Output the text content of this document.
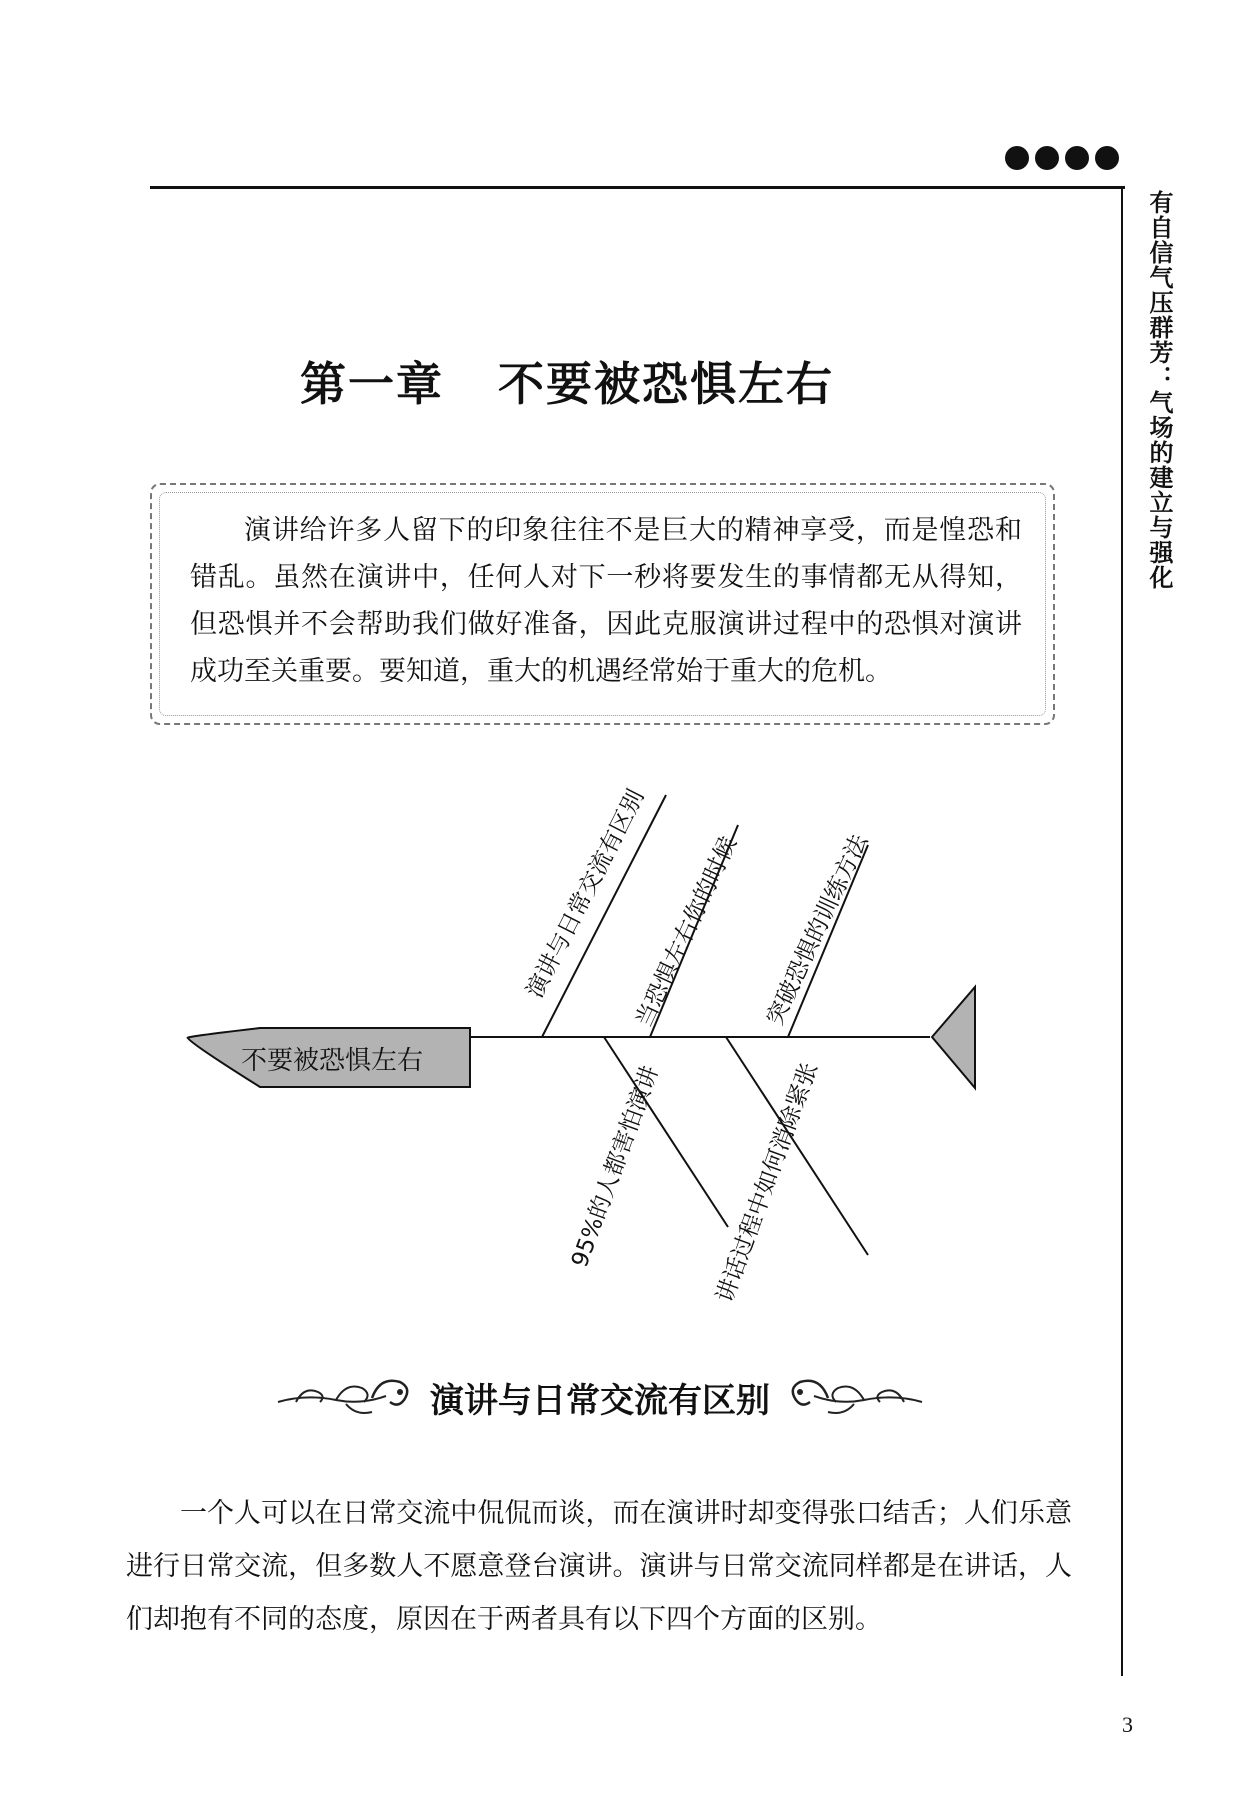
有自信气压群芳：气场的建立与强化
第一章 不要被恐惧左右
演讲给许多人留下的印象往往不是巨大的精神享受，而是惶恐和错乱。虽然在演讲中，任何人对下一秒将要发生的事情都无从得知，但恐惧并不会帮助我们做好准备，因此克服演讲过程中的恐惧对演讲成功至关重要。要知道，重大的机遇经常始于重大的危机。
不要被恐惧左右
演讲与日常交流有区别
当恐惧左右你的时候 突破恐惧的训练方法
95%的人都害怕演讲 讲话过程中如何消除紧张
演讲与日常交流有区别
一个人可以在日常交流中侃侃而谈，而在演讲时却变得张口结舌；人们乐意进行日常交流，但多数人不愿意登台演讲。演讲与日常交流同样都是在讲话，人们却抱有不同的态度，原因在于两者具有以下四个方面的区别。
3
